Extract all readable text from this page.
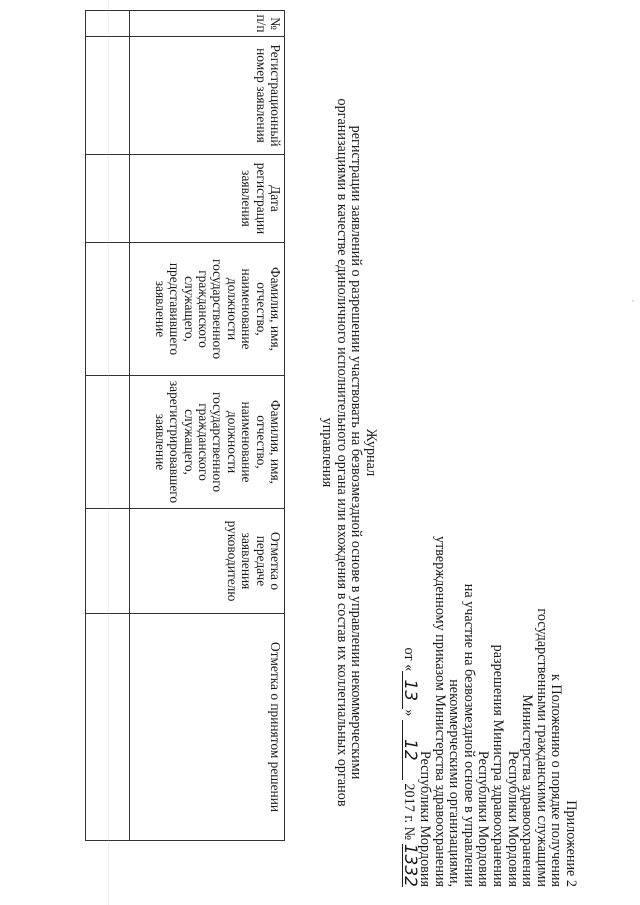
Приложение 2
к Положению о порядке получения
государственными гражданскими служащими
Министерства здравоохранения
Республики Мордовия
разрешения Министра здравоохранения
Республики Мордовия
на участие на безвозмездной основе в управлении
некоммерческими организациями,
утвержденному приказом Министерства здравоохранения
Республики Мордовия
от «13» 12 2017 г. № 1332
Журнал
регистрации заявлений о разрешении участвовать на безвозмездной основе в управлении некоммерческими
организациями в качестве единоличного исполнительного органа или вхождения в состав их коллегиальных органов
управления
№ п/п	Регистрационный номер заявления	Дата регистрации заявления	Фамилия, имя, отчество, наименование должности государственного гражданского служащего, представившего заявление	Фамилия, имя, отчество, наименование должности государственного гражданского служащего, зарегистрировавшего заявление	Отметка о передаче заявления руководителю	Отметка о принятом решении
